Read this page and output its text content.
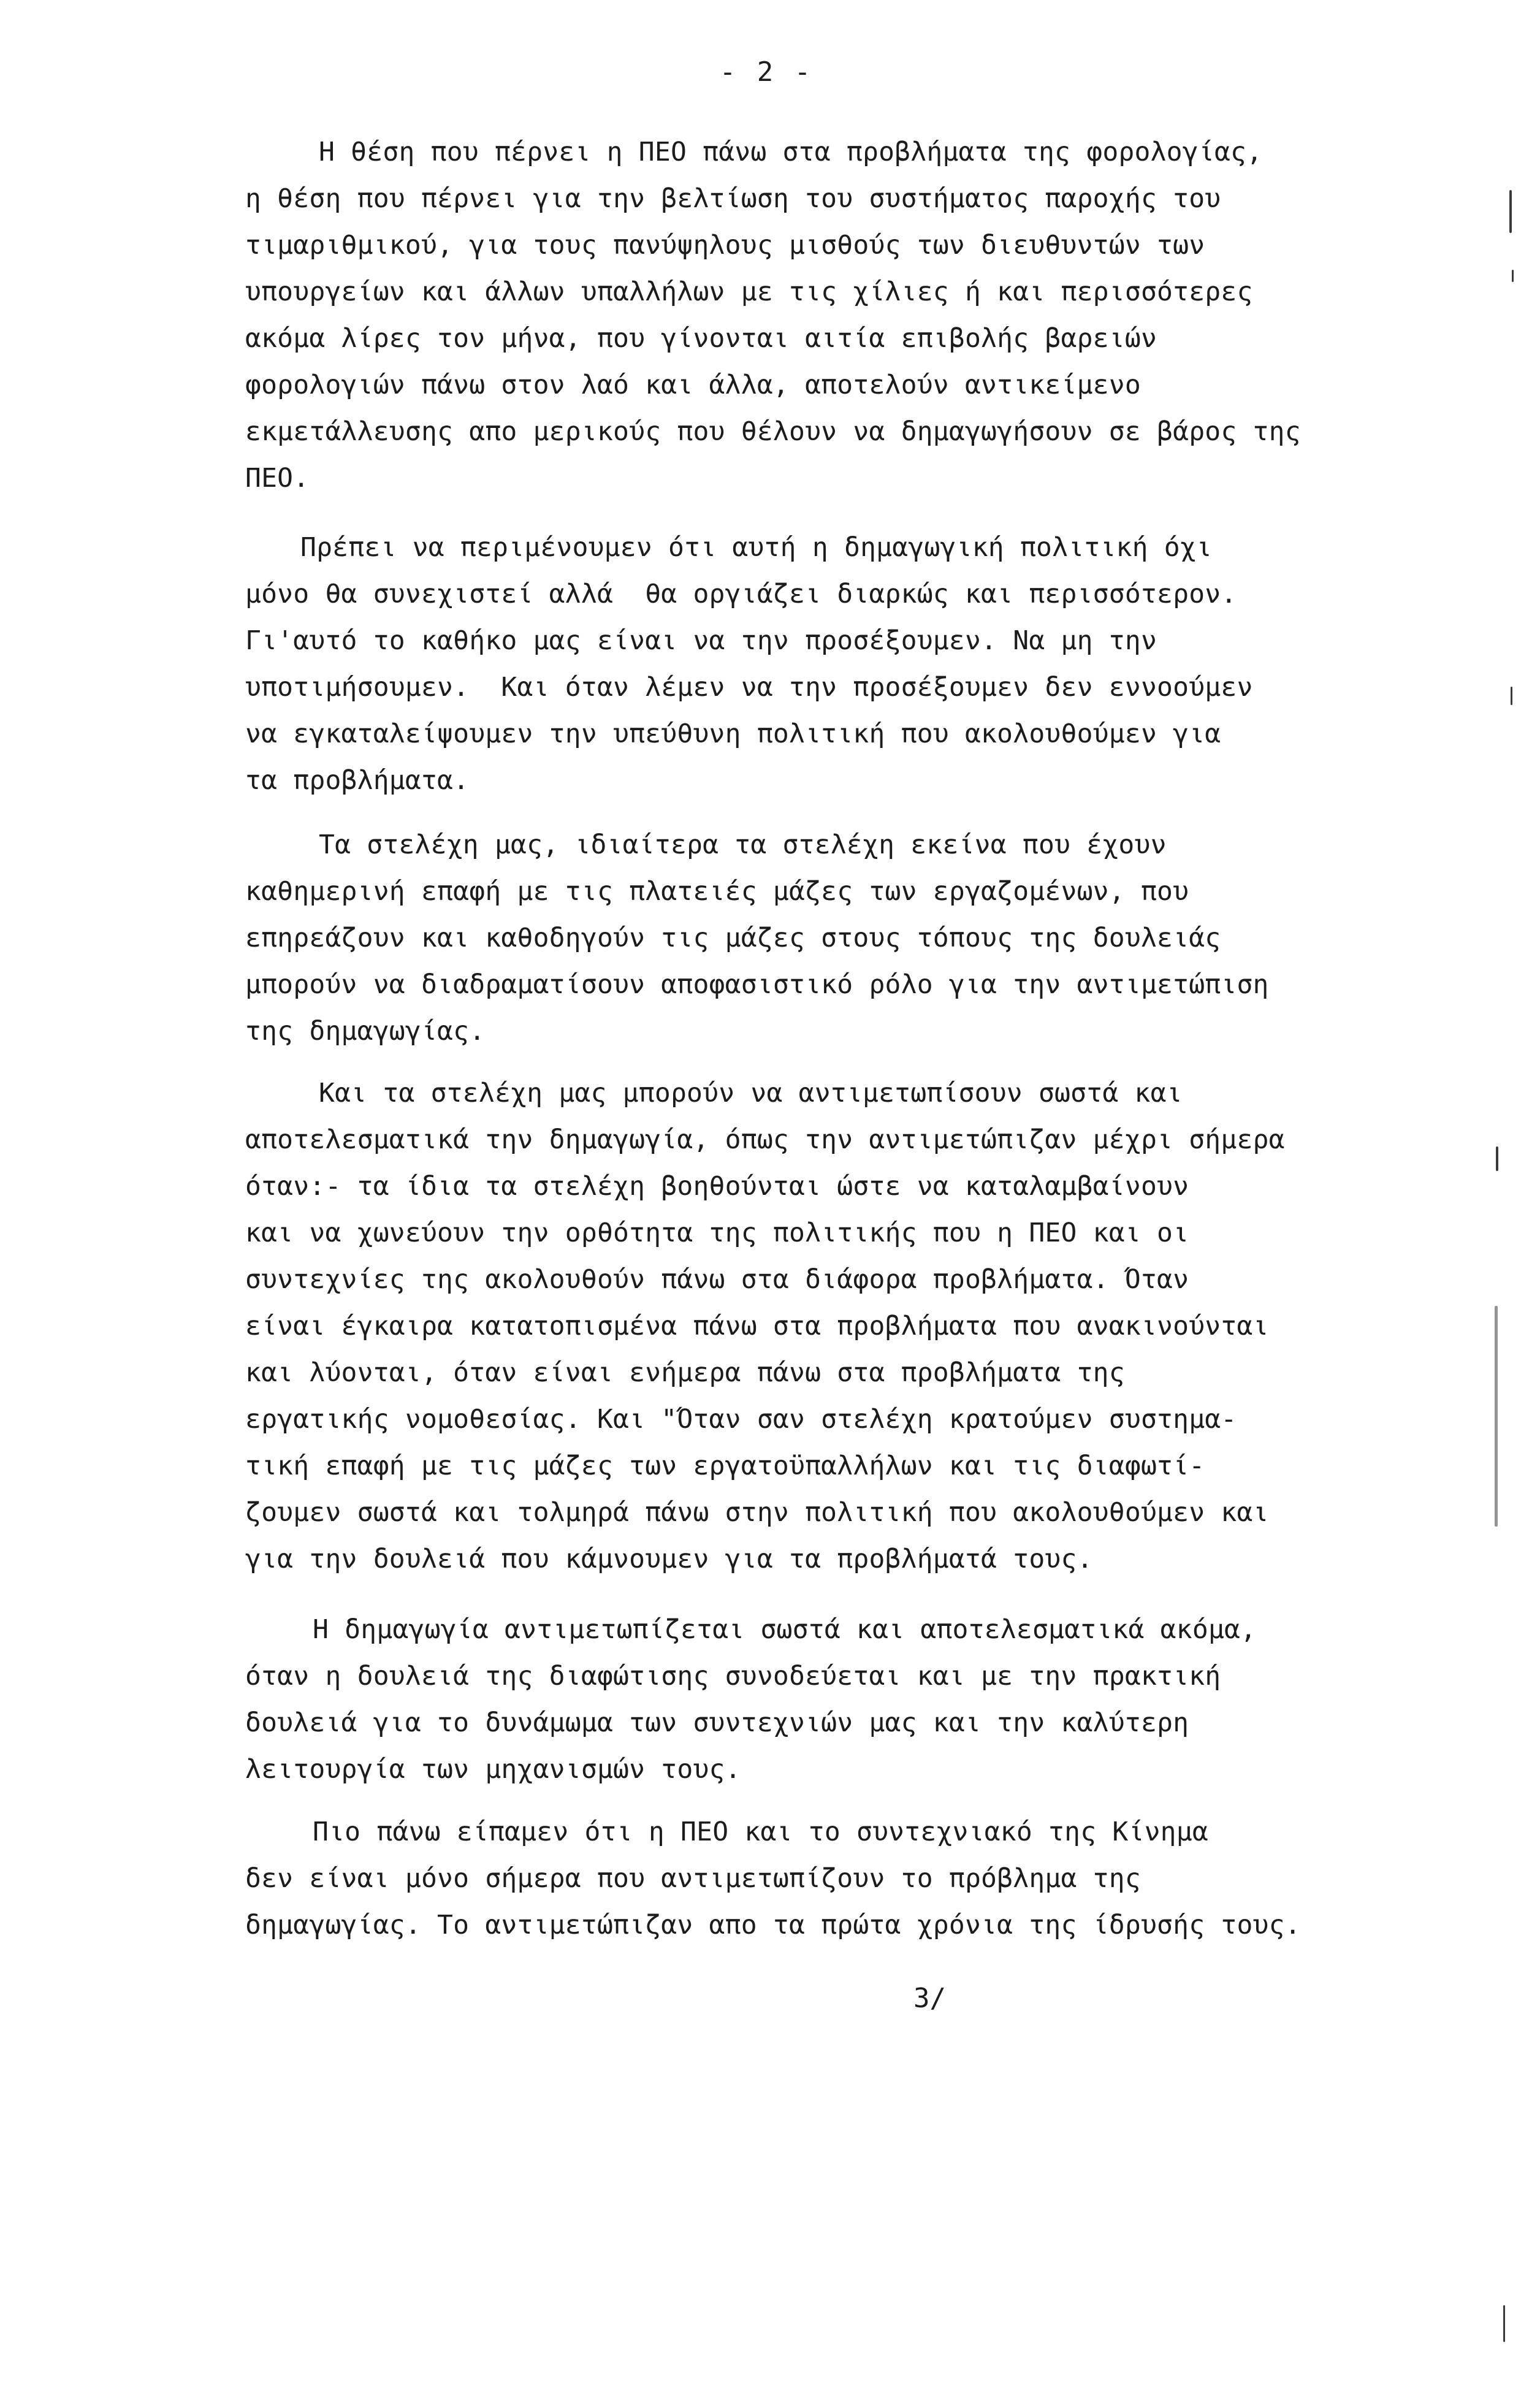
- 2 -
Η θέση που πέρνει η ΠΕΟ πάνω στα προβλήματα της φορολογίας,
η θέση που πέρνει για την βελτίωση του συστήματος παροχής του
τιμαριθμικού, για τους πανύψηλους μισθούς των διευθυντών των
υπουργείων και άλλων υπαλλήλων με τις χίλιες ή και περισσότερες
ακόμα λίρες τον μήνα, που γίνονται αιτία επιβολής βαρειών
φορολογιών πάνω στον λαό και άλλα, αποτελούν αντικείμενο
εκμετάλλευσης απο μερικούς που θέλουν να δημαγωγήσουν σε βάρος της
ΠΕΟ.
Πρέπει να περιμένουμεν ότι αυτή η δημαγωγική πολιτική όχι
μόνο θα συνεχιστεί αλλά  θα οργιάζει διαρκώς και περισσότερον.
Γι'αυτό το καθήκο μας είναι να την προσέξουμεν. Να μη την
υποτιμήσουμεν.  Και όταν λέμεν να την προσέξουμεν δεν εννοούμεν
να εγκαταλείψουμεν την υπεύθυνη πολιτική που ακολουθούμεν για
τα προβλήματα.
Τα στελέχη μας, ιδιαίτερα τα στελέχη εκείνα που έχουν
καθημερινή επαφή με τις πλατειές μάζες των εργαζομένων, που
επηρεάζουν και καθοδηγούν τις μάζες στους τόπους της δουλειάς
μπορούν να διαδραματίσουν αποφασιστικό ρόλο για την αντιμετώπιση
της δημαγωγίας.
Και τα στελέχη μας μπορούν να αντιμετωπίσουν σωστά και
αποτελεσματικά την δημαγωγία, όπως την αντιμετώπιζαν μέχρι σήμερα
όταν:- τα ίδια τα στελέχη βοηθούνται ώστε να καταλαμβαίνουν
και να χωνεύουν την ορθότητα της πολιτικής που η ΠΕΟ και οι
συντεχνίες της ακολουθούν πάνω στα διάφορα προβλήματα. Όταν
είναι έγκαιρα κατατοπισμένα πάνω στα προβλήματα που ανακινούνται
και λύονται, όταν είναι ενήμερα πάνω στα προβλήματα της
εργατικής νομοθεσίας. Και "Όταν σαν στελέχη κρατούμεν συστημα-
τική επαφή με τις μάζες των εργατοϋπαλλήλων και τις διαφωτί-
ζουμεν σωστά και τολμηρά πάνω στην πολιτική που ακολουθούμεν και
για την δουλειά που κάμνουμεν για τα προβλήματά τους.
Η δημαγωγία αντιμετωπίζεται σωστά και αποτελεσματικά ακόμα,
όταν η δουλειά της διαφώτισης συνοδεύεται και με την πρακτική
δουλειά για το δυνάμωμα των συντεχνιών μας και την καλύτερη
λειτουργία των μηχανισμών τους.
Πιο πάνω είπαμεν ότι η ΠΕΟ και το συντεχνιακό της Κίνημα
δεν είναι μόνο σήμερα που αντιμετωπίζουν το πρόβλημα της
δημαγωγίας. Το αντιμετώπιζαν απο τα πρώτα χρόνια της ίδρυσής τους.
3/
